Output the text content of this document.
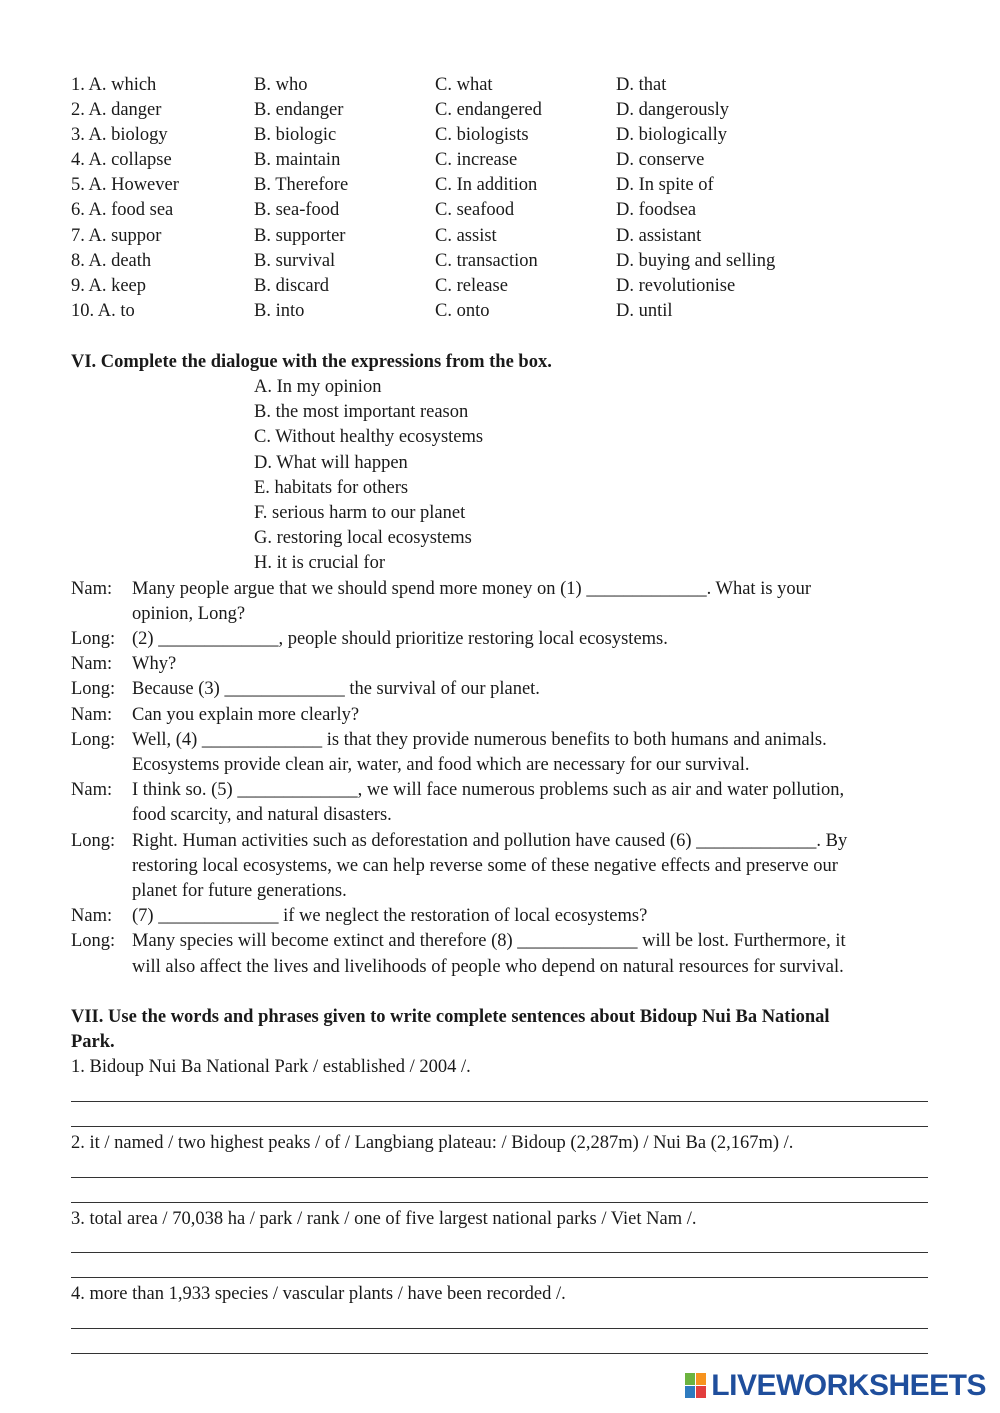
1. A. which	B. who	C. what	D. that
2. A. danger	B. endanger	C. endangered	D. dangerously
3. A. biology	B. biologic	C. biologists	D. biologically
4. A. collapse	B. maintain	C. increase	D. conserve
5. A. However	B. Therefore	C. In addition	D. In spite of
6. A. food sea	B. sea-food	C. seafood	D. foodsea
7. A. suppor	B. supporter	C. assist	D. assistant
8. A. death	B. survival	C. transaction	D. buying and selling
9. A. keep	B. discard	C. release	D. revolutionise
10. A. to	B. into	C. onto	D. until
VI. Complete the dialogue with the expressions from the box.
A. In my opinion
B. the most important reason
C. Without healthy ecosystems
D. What will happen
E. habitats for others
F. serious harm to our planet
G. restoring local ecosystems
H. it is crucial for
Nam: Many people argue that we should spend more money on (1) _____________. What is your
opinion, Long?
Long: (2) _____________, people should prioritize restoring local ecosystems.
Nam: Why?
Long: Because (3) _____________ the survival of our planet.
Nam: Can you explain more clearly?
Long: Well, (4) _____________ is that they provide numerous benefits to both humans and animals.
Ecosystems provide clean air, water, and food which are necessary for our survival.
Nam: I think so. (5) _____________, we will face numerous problems such as air and water pollution,
food scarcity, and natural disasters.
Long: Right. Human activities such as deforestation and pollution have caused (6) _____________. By
restoring local ecosystems, we can help reverse some of these negative effects and preserve our
planet for future generations.
Nam: (7) _____________ if we neglect the restoration of local ecosystems?
Long: Many species will become extinct and therefore (8) _____________ will be lost. Furthermore, it
will also affect the lives and livelihoods of people who depend on natural resources for survival.
VII. Use the words and phrases given to write complete sentences about Bidoup Nui Ba National
Park.
1. Bidoup Nui Ba National Park / established / 2004 /.
2. it / named / two highest peaks / of / Langbiang plateau: / Bidoup (2,287m) / Nui Ba (2,167m) /.
3. total area / 70,038 ha / park / rank / one of five largest national parks / Viet Nam /.
4. more than 1,933 species / vascular plants / have been recorded /.
LIVEWORKSHEETS
